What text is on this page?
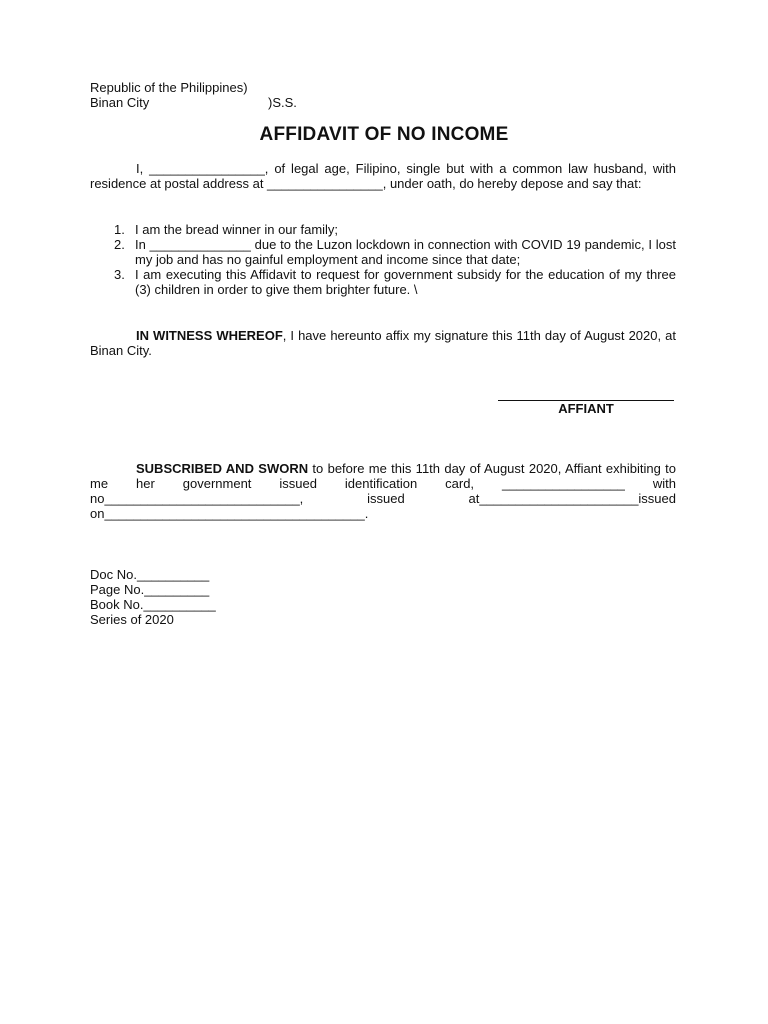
Republic of the Philippines)
Binan City	)S.S.
AFFIDAVIT OF NO INCOME

I, ________________, of legal age, Filipino, single but with a common law husband, with residence at postal address at ________________, under oath, do hereby depose and say that:

1. I am the bread winner in our family;
2. In ______________ due to the Luzon lockdown in connection with COVID 19 pandemic, I lost my job and has no gainful employment and income since that date;
3. I am executing this Affidavit to request for government subsidy for the education of my three (3) children in order to give them brighter future. \

IN WITNESS WHEREOF, I have hereunto affix my signature this 11th day of August 2020, at Binan City.

AFFIANT

SUBSCRIBED AND SWORN to before me this 11th day of August 2020, Affiant exhibiting to me her government issued identification card, _________________ with no___________________________, issued at______________________issued on____________________________________.

Doc No.__________
Page No._________
Book No.__________
Series of 2020
